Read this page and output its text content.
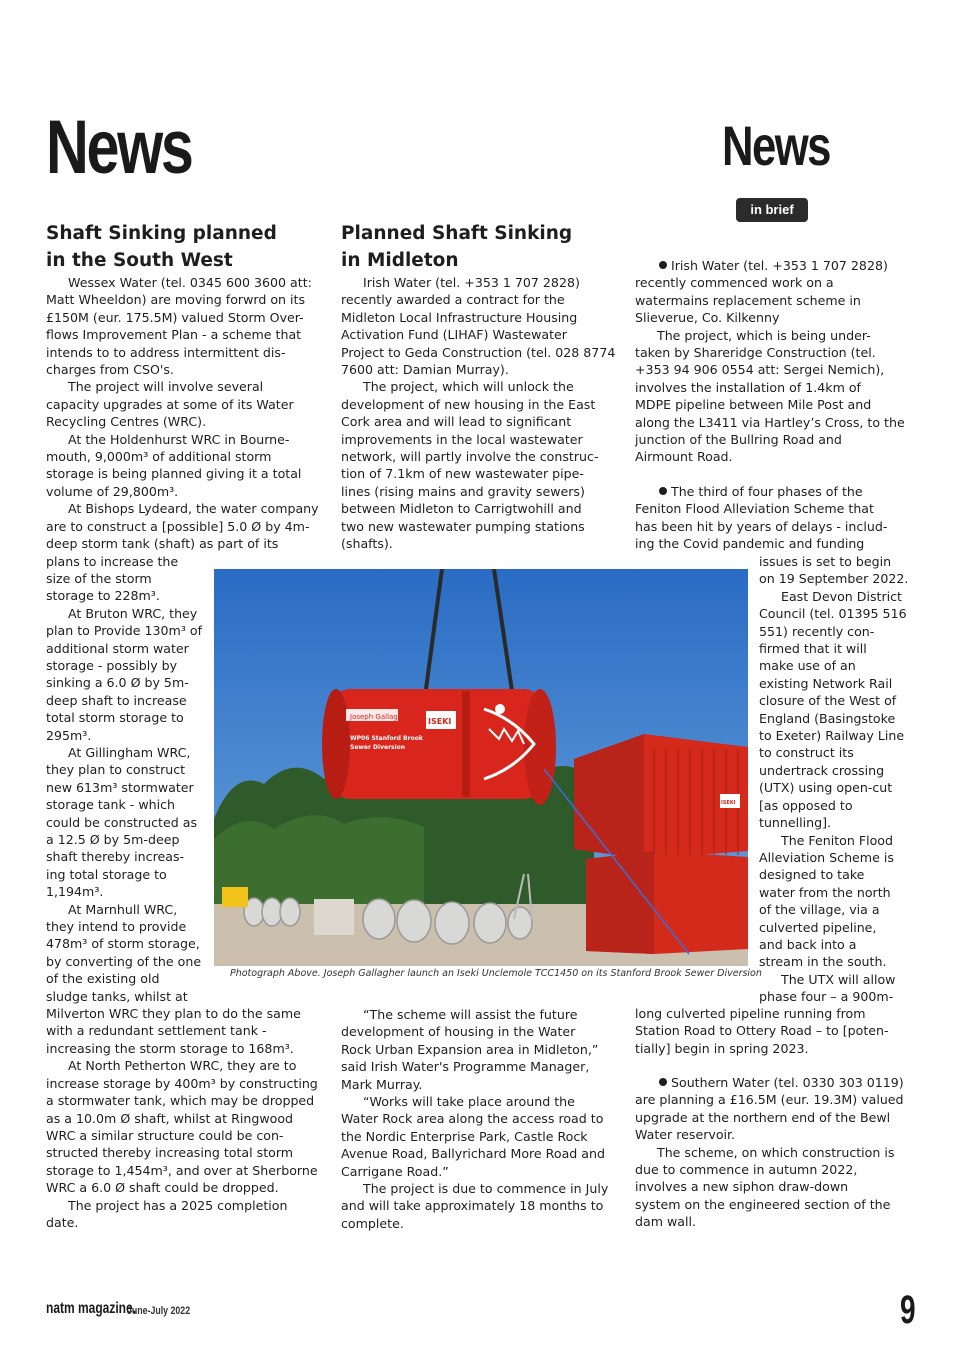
News	News
in brief
Shaft Sinking planned
in the South West

Wessex Water (tel. 0345 600 3600 att:

Matt Wheeldon) are moving forwrd on its

£150M (eur. 175.5M) valued Storm Over-

flows Improvement Plan - a scheme that

intends to to address intermittent dis-

charges from CSO's.

The project will involve several

capacity upgrades at some of its Water

Recycling Centres (WRC).

At the Holdenhurst WRC in Bourne-

mouth, 9,000m³ of additional storm

storage is being planned giving it a total

volume of 29,800m³.

At Bishops Lydeard, the water company

are to construct a [possible] 5.0 Ø by 4m-

deep storm tank (shaft) as part of its

plans to increase the

size of the storm

storage to 228m³.

At Bruton WRC, they

plan to Provide 130m³ of

additional storm water

storage - possibly by

sinking a 6.0 Ø by 5m-

deep shaft to increase

total storm storage to

295m³.

At Gillingham WRC,

they plan to construct

new 613m³ stormwater

storage tank - which

could be constructed as

a 12.5 Ø by 5m-deep

shaft thereby increas-

ing total storage to

1,194m³.

At Marnhull WRC,

they intend to provide

478m³ of storm storage,

by converting of the one

of the existing old

sludge tanks, whilst at

Milverton WRC they plan to do the same

with a redundant settlement tank -

increasing the storm storage to 168m³.

At North Petherton WRC, they are to

increase storage by 400m³ by constructing

a stormwater tank, which may be dropped

as a 10.0m Ø shaft, whilst at Ringwood

WRC a similar structure could be con-

structed thereby increasing total storm

storage to 1,454m³, and over at Sherborne

WRC a 6.0 Ø shaft could be dropped.

The project has a 2025 completion

date.

Planned Shaft Sinking
in Midleton

Irish Water (tel. +353 1 707 2828)

recently awarded a contract for the

Midleton Local Infrastructure Housing

Activation Fund (LIHAF) Wastewater

Project to Geda Construction (tel. 028 8774

7600 att: Damian Murray).

The project, which will unlock the

development of new housing in the East

Cork area and will lead to significant

improvements in the local wastewater

network, will partly involve the construc-

tion of 7.1km of new wastewater pipe-

lines (rising mains and gravity sewers)

between Midleton to Carrigtwohill and

two new wastewater pumping stations

(shafts).

“The scheme will assist the future

development of housing in the Water

Rock Urban Expansion area in Midleton,”

said Irish Water's Programme Manager,

Mark Murray.

“Works will take place around the

Water Rock area along the access road to

the Nordic Enterprise Park, Castle Rock

Avenue Road, Ballyrichard More Road and

Carrigane Road.”

The project is due to commence in July

and will take approximately 18 months to

complete.

Irish Water (tel. +353 1 707 2828)

recently commenced work on a

watermains replacement scheme in

Slieverue, Co. Kilkenny

The project, which is being under-

taken by Shareridge Construction (tel.

+353 94 906 0554 att: Sergei Nemich),

involves the installation of 1.4km of

MDPE pipeline between Mile Post and

along the L3411 via Hartley’s Cross, to the

junction of the Bullring Road and

Airmount Road.

The third of four phases of the

Feniton Flood Alleviation Scheme that

has been hit by years of delays - includ-

ing the Covid pandemic and funding

issues is set to begin

on 19 September 2022.

East Devon District

Council (tel. 01395 516

551) recently con-

firmed that it will

make use of an

existing Network Rail

closure of the West of

England (Basingstoke

to Exeter) Railway Line

to construct its

undertrack crossing

(UTX) using open-cut

[as opposed to

tunnelling].

The Feniton Flood

Alleviation Scheme is

designed to take

water from the north

of the village, via a

culverted pipeline,

and back into a

stream in the south.

The UTX will allow

phase four – a 900m-

long culverted pipeline running from

Station Road to Ottery Road – to [poten-

tially] begin in spring 2023.

Southern Water (tel. 0330 303 0119)

are planning a £16.5M (eur. 19.3M) valued

upgrade at the northern end of the Bewl

Water reservoir.

The scheme, on which construction is

due to commence in autumn 2022,

involves a new siphon draw-down

system on the engineered section of the

dam wall.

Joseph Gallagher
WP06 Stanford Brook
Sewer Diversion
ISEKI
ISEKI
Photograph Above. Joseph Gallagher launch an Iseki Unclemole TCC1450 on its Stanford Brook Sewer Diversion
natm magazine.
June-July 2022	9
